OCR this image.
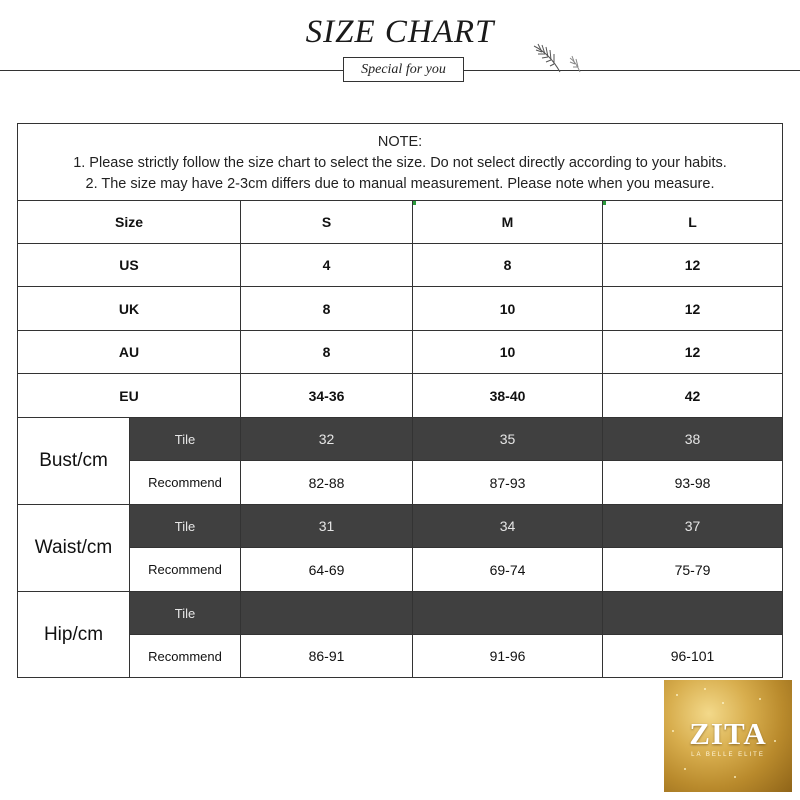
SIZE CHART
Special for you
NOTE:
1. Please strictly follow the size chart to select the size. Do not select directly according to your habits.
2. The size may have 2-3cm differs due to manual measurement. Please note when you measure.
Size	S	M	L
US	4	8	12
UK	8	10	12
AU	8	10	12
EU	34-36	38-40	42
Bust/cm
Tile	32	35	38
Recommend	82-88	87-93	93-98
Waist/cm
Tile	31	34	37
Recommend	64-69	69-74	75-79
Hip/cm
Tile
Recommend	86-91	91-96	96-101
ZITA
LA BELLE ELITE
